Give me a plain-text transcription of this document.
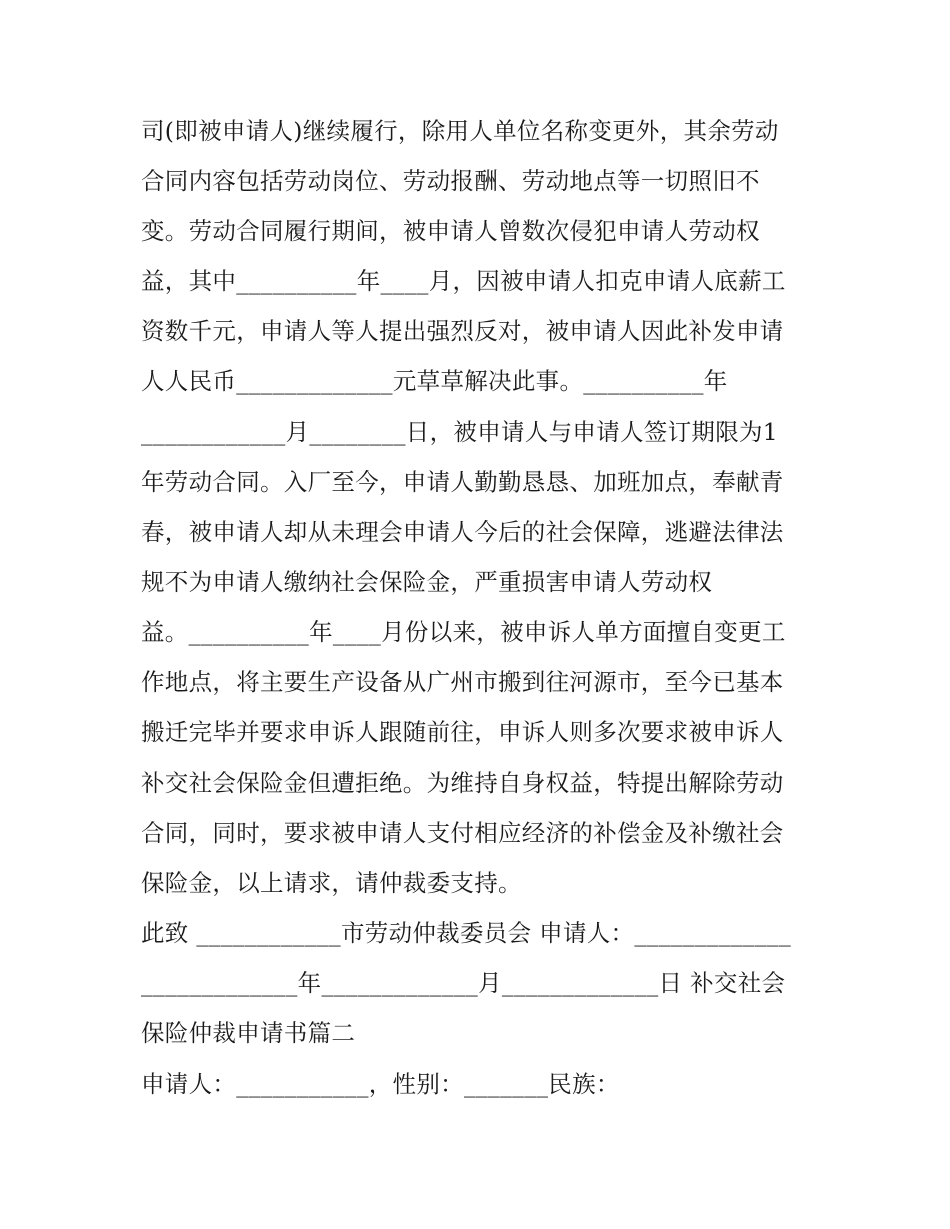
司(即被申请人)继续履行，除用人单位名称变更外，其余劳动
合同内容包括劳动岗位、劳动报酬、劳动地点等一切照旧不
变。劳动合同履行期间，被申请人曾数次侵犯申请人劳动权
益，其中__________年____月，因被申请人扣克申请人底薪工
资数千元，申请人等人提出强烈反对，被申请人因此补发申请
人人民币_____________元草草解决此事。__________年
____________月________日，被申请人与申请人签订期限为1
年劳动合同。入厂至今，申请人勤勤恳恳、加班加点，奉献青
春，被申请人却从未理会申请人今后的社会保障，逃避法律法
规不为申请人缴纳社会保险金，严重损害申请人劳动权
益。__________年____月份以来，被申诉人单方面擅自变更工
作地点，将主要生产设备从广州市搬到往河源市，至今已基本
搬迁完毕并要求申诉人跟随前往，申诉人则多次要求被申诉人
补交社会保险金但遭拒绝。为维持自身权益，特提出解除劳动
合同，同时，要求被申请人支付相应经济的补偿金及补缴社会
保险金，以上请求，请仲裁委支持。
此致 ____________市劳动仲裁委员会 申请人：_____________
_____________年_____________月_____________日 补交社会
保险仲裁申请书篇二
申请人：___________，性别：_______民族：
